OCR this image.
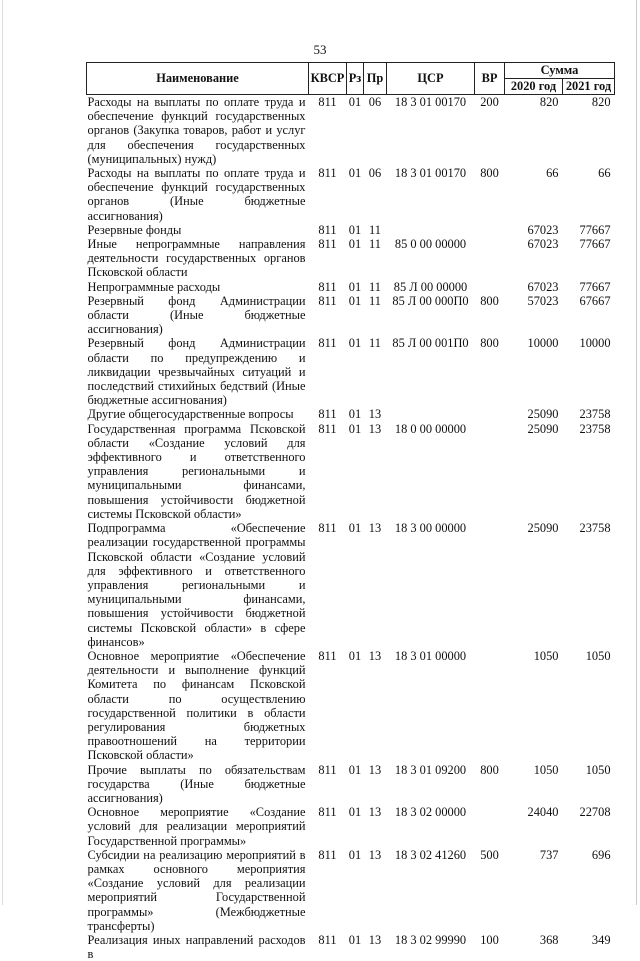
53
Наименование	КВСР	Рз	Пр	ЦСР	ВР	Сумма	
						2020 год	2021 год
Расходы на выплаты по оплате труда и обеспечение функций государственных органов (Закупка товаров, работ и услуг для обеспечения государственных (муниципальных) нужд)	811	01	06	18 3 01 00170	200	820	820
Расходы на выплаты по оплате труда и обеспечение функций государственных органов (Иные бюджетные ассигнования)	811	01	06	18 3 01 00170	800	66	66
Резервные фонды	811	01	11			67023	77667
Иные непрограммные направления деятельности государственных органов Псковской области	811	01	11	85 0 00 00000		67023	77667
Непрограммные расходы	811	01	11	85 Л 00 00000		67023	77667
Резервный фонд Администрации области (Иные бюджетные ассигнования)	811	01	11	85 Л 00 000П0	800	57023	67667
Резервный фонд Администрации области по предупреждению и ликвидации чрезвычайных ситуаций и последствий стихийных бедствий (Иные бюджетные ассигнования)	811	01	11	85 Л 00 001П0	800	10000	10000
Другие общегосударственные вопросы	811	01	13			25090	23758
Государственная программа Псковской области «Создание условий для эффективного и ответственного управления региональными и муниципальными финансами, повышения устойчивости бюджетной системы Псковской области»	811	01	13	18 0 00 00000		25090	23758
Подпрограмма «Обеспечение реализации государственной программы Псковской области «Создание условий для эффективного и ответственного управления региональными и муниципальными финансами, повышения устойчивости бюджетной системы Псковской области» в сфере финансов»	811	01	13	18 3 00 00000		25090	23758
Основное мероприятие «Обеспечение деятельности и выполнение функций Комитета по финансам Псковской области по осуществлению государственной политики в области регулирования бюджетных правоотношений на территории Псковской области»	811	01	13	18 3 01 00000		1050	1050
Прочие выплаты по обязательствам государства (Иные бюджетные ассигнования)	811	01	13	18 3 01 09200	800	1050	1050
Основное мероприятие «Создание условий для реализации мероприятий Государственной программы»	811	01	13	18 3 02 00000		24040	22708
Субсидии на реализацию мероприятий в рамках основного мероприятия «Создание условий для реализации мероприятий Государственной программы» (Межбюджетные трансферты)	811	01	13	18 3 02 41260	500	737	696
Реализация иных направлений расходов в	811	01	13	18 3 02 99990	100	368	349
